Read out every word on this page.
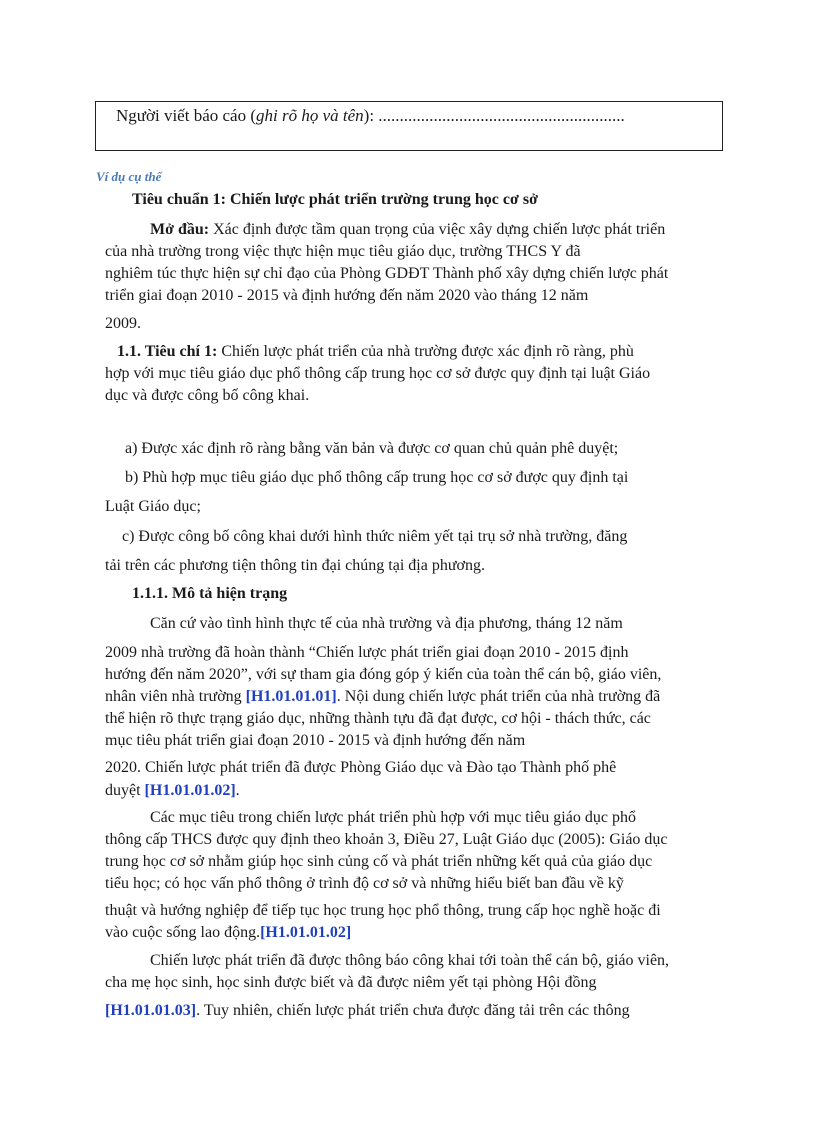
Người viết báo cáo (ghi rõ họ và tên): ..........................................................
Ví dụ cụ thể
Tiêu chuẩn 1: Chiến lược phát triển trường trung học cơ sở
Mở đầu: Xác định được tầm quan trọng của việc xây dựng chiến lược phát triển
của nhà trường trong việc thực hiện mục tiêu giáo dục, trường THCS Y đã
nghiêm túc thực hiện sự chỉ đạo của Phòng GDĐT Thành phố xây dựng chiến lược phát
triển giai đoạn 2010 - 2015 và định hướng đến năm 2020 vào tháng 12 năm
2009.
1.1. Tiêu chí 1: Chiến lược phát triển của nhà trường được xác định rõ ràng, phù
hợp với mục tiêu giáo dục phổ thông cấp trung học cơ sở được quy định tại luật Giáo
dục và được công bố công khai.
a) Được xác định rõ ràng bằng văn bản và được cơ quan chủ quản phê duyệt;
b) Phù hợp mục tiêu giáo dục phổ thông cấp trung học cơ sở được quy định tại
Luật Giáo dục;
c) Được công bố công khai dưới hình thức niêm yết tại trụ sở nhà trường, đăng
tải trên các phương tiện thông tin đại chúng tại địa phương.
1.1.1. Mô tả hiện trạng
Căn cứ vào tình hình thực tế của nhà trường và địa phương, tháng 12 năm
2009 nhà trường đã hoàn thành “Chiến lược phát triển giai đoạn 2010 - 2015 định
hướng đến năm 2020”, với sự tham gia đóng góp ý kiến của toàn thể cán bộ, giáo viên,
nhân viên nhà trường [H1.01.01.01]. Nội dung chiến lược phát triển của nhà trường đã
thể hiện rõ thực trạng giáo dục, những thành tựu đã đạt được, cơ hội - thách thức, các
mục tiêu phát triển giai đoạn 2010 - 2015 và định hướng đến năm
2020. Chiến lược phát triển đã được Phòng Giáo dục và Đào tạo Thành phố phê
duyệt [H1.01.01.02].
Các mục tiêu trong chiến lược phát triển phù hợp với mục tiêu giáo dục phổ
thông cấp THCS được quy định theo khoản 3, Điều 27, Luật Giáo dục (2005): Giáo dục
trung học cơ sở nhằm giúp học sinh củng cố và phát triển những kết quả của giáo dục
tiểu học; có học vấn phổ thông ở trình độ cơ sở và những hiểu biết ban đầu về kỹ
thuật và hướng nghiệp để tiếp tục học trung học phổ thông, trung cấp học nghề hoặc đi
vào cuộc sống lao động.[H1.01.01.02]
Chiến lược phát triển đã được thông báo công khai tới toàn thể cán bộ, giáo viên,
cha mẹ học sinh, học sinh được biết và đã được niêm yết tại phòng Hội đồng
[H1.01.01.03]. Tuy nhiên, chiến lược phát triển chưa được đăng tải trên các thông
